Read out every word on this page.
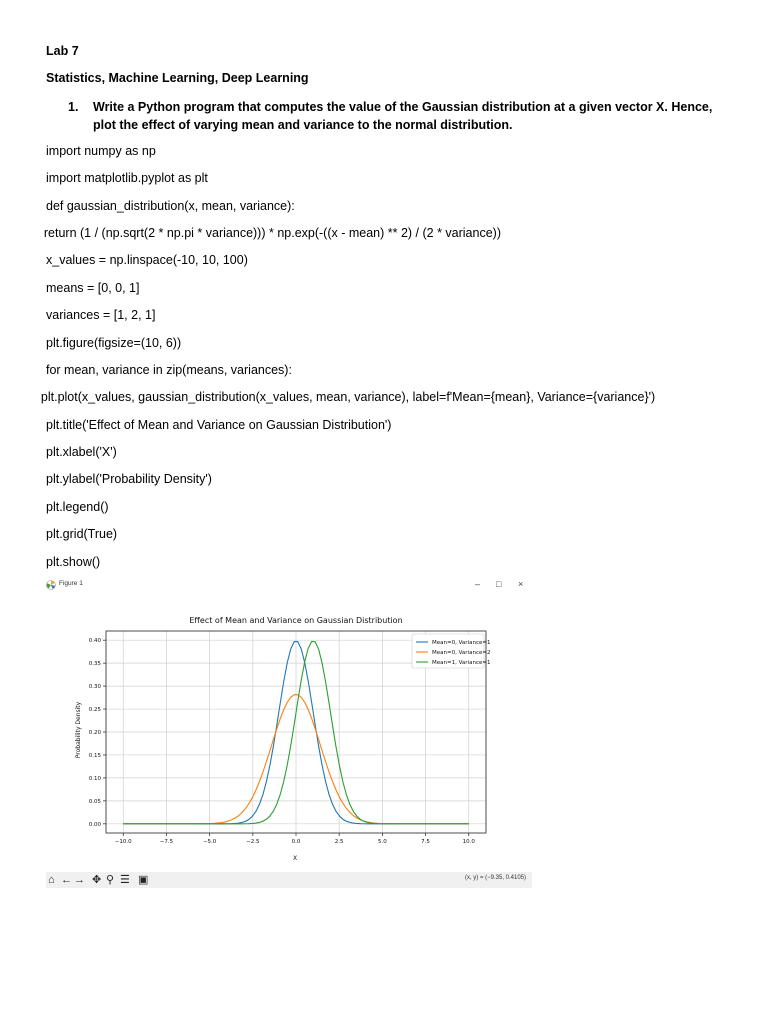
Lab 7
Statistics, Machine Learning, Deep Learning
1. Write a Python program that computes the value of the Gaussian distribution at a given vector X. Hence, plot the effect of varying mean and variance to the normal distribution.
import numpy as np
import matplotlib.pyplot as plt
def gaussian_distribution(x, mean, variance):
return (1 / (np.sqrt(2 * np.pi * variance))) * np.exp(-((x - mean) ** 2) / (2 * variance))
x_values = np.linspace(-10, 10, 100)
means = [0, 0, 1]
variances = [1, 2, 1]
plt.figure(figsize=(10, 6))
for mean, variance in zip(means, variances):
plt.plot(x_values, gaussian_distribution(x_values, mean, variance), label=f'Mean={mean}, Variance={variance}')
plt.title('Effect of Mean and Variance on Gaussian Distribution')
plt.xlabel('X')
plt.ylabel('Probability Density')
plt.legend()
plt.grid(True)
plt.show()
Figure 1	– □ ×
−10.0	−7.5	−5.0	−2.5	0.0	2.5	5.0	7.5	10.0
0.00
0.05
0.10
0.15
0.20
0.25
0.30
0.35
0.40
Effect of Mean and Variance on Gaussian Distribution
X
Probability Density
Mean=0, Variance=1
Mean=0, Variance=2
Mean=1, Variance=1
⌂ ← → ✥ ⚲ ☰ ▣	(x, y) = (−9.35, 0.4105)
